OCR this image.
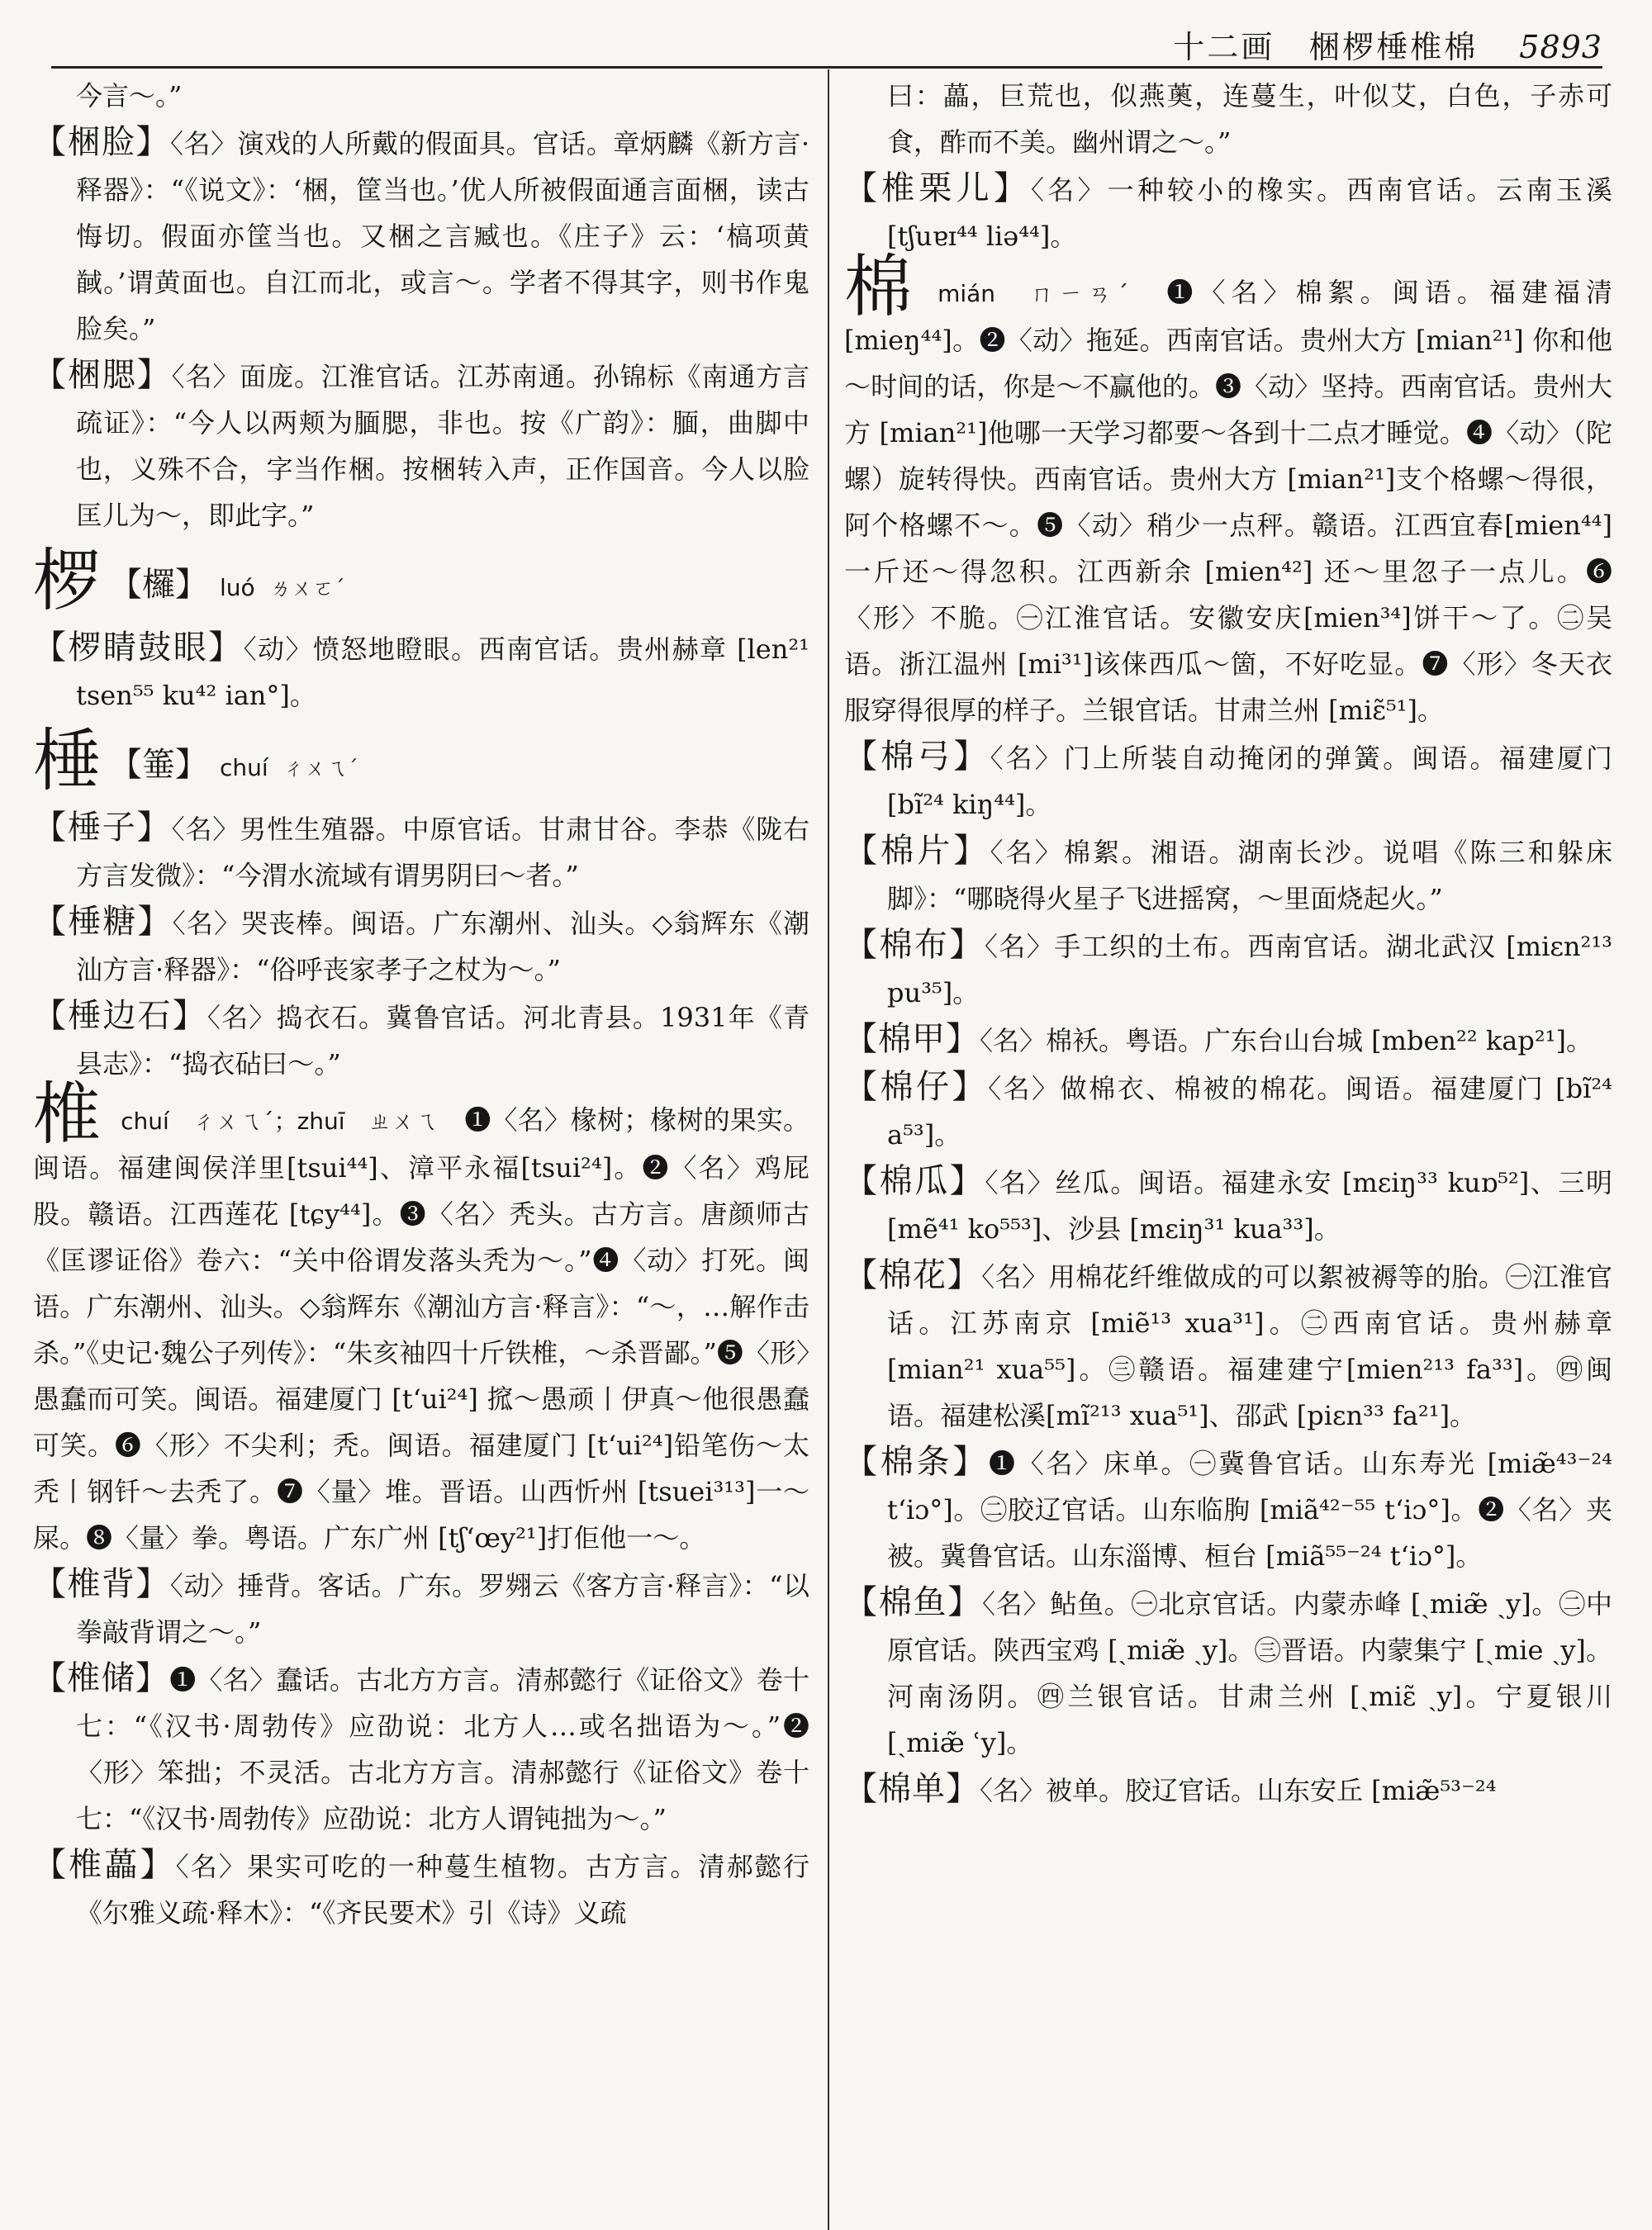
十二画　梱椤棰椎棉 5893

今言～。”

【梱脸】〈名〉演戏的人所戴的假面具。官话。章炳麟《新方言·释器》：“《说文》：‘梱，筐当也。’优人所被假面通言面梱，读古悔切。假面亦筐当也。又梱之言臧也。《庄子》云：‘槁项黄馘。’谓黄面也。自江而北，或言～。学者不得其字，则书作鬼脸矣。”

【梱腮】〈名〉面庞。江淮官话。江苏南通。孙锦标《南通方言疏证》：“今人以两颊为腼腮，非也。按《广韵》：腼，曲脚中也，义殊不合，字当作梱。按梱转入声，正作国音。今人以脸匡儿为～，即此字。”

椤 【欏】 luó ㄌㄨㄛˊ

【椤睛鼓眼】〈动〉愤怒地瞪眼。西南官话。贵州赫章 [len²¹ tsen⁵⁵ ku⁴² ian°]。

棰 【箠】 chuí ㄔㄨㄟˊ

【棰子】〈名〉男性生殖器。中原官话。甘肃甘谷。李恭《陇右方言发微》：“今渭水流域有谓男阴曰～者。”

【棰糖】〈名〉哭丧棒。闽语。广东潮州、汕头。◇翁辉东《潮汕方言·释器》：“俗呼丧家孝子之杖为～。”

【棰边石】〈名〉捣衣石。冀鲁官话。河北青县。1931年《青县志》：“捣衣砧曰～。”

椎chuí　ㄔㄨㄟˊ；zhuī　ㄓㄨㄟ　 ❶〈名〉椽树；椽树的果实。闽语。福建闽侯洋里[tsui⁴⁴]、漳平永福[tsui²⁴]。❷〈名〉鸡屁股。赣语。江西莲花 [tɕy⁴⁴]。❸〈名〉秃头。古方言。唐颜师古《匡谬证俗》卷六：“关中俗谓发落头秃为～。”❹〈动〉打死。闽语。广东潮州、汕头。◇翁辉东《潮汕方言·释言》：“～，…解作击杀。”《史记·魏公子列传》：“朱亥袖四十斤铁椎，～杀晋鄙。”❺〈形〉愚蠢而可笑。闽语。福建厦门 [t‘ui²⁴] 搲～愚顽丨伊真～他很愚蠢可笑。❻〈形〉不尖利；秃。闽语。福建厦门 [t‘ui²⁴]铅笔伤～太秃丨钢钎～去秃了。❼〈量〉堆。晋语。山西忻州 [tsuei³¹³]一～屎。❽〈量〉拳。粤语。广东广州 [tʃ‘œy²¹]打佢他一～。

【椎背】〈动〉捶背。客话。广东。罗翙云《客方言·释言》：“以拳敲背谓之～。”

【椎储】❶〈名〉蠢话。古北方方言。清郝懿行《证俗文》卷十七：“《汉书·周勃传》应劭说：北方人…或名拙语为～。”❷〈形〉笨拙；不灵活。古北方方言。清郝懿行《证俗文》卷十七：“《汉书·周勃传》应劭说：北方人谓钝拙为～。”

【椎藟】〈名〉果实可吃的一种蔓生植物。古方言。清郝懿行《尔雅义疏·释木》：“《齐民要术》引《诗》义疏

曰：藟，巨荒也，似燕薁，连蔓生，叶似艾，白色，子赤可食，酢而不美。幽州谓之～。”

【椎栗儿】〈名〉一种较小的橡实。西南官话。云南玉溪 [tʃuɐɪ⁴⁴ liə⁴⁴]。

棉mián　ㄇㄧㄢˊ　 ❶〈名〉棉絮。闽语。福建福清[mieŋ⁴⁴]。❷〈动〉拖延。西南官话。贵州大方 [mian²¹] 你和他～时间的话，你是～不赢他的。❸〈动〉坚持。西南官话。贵州大方 [mian²¹]他哪一天学习都要～各到十二点才睡觉。❹〈动〉（陀螺）旋转得快。西南官话。贵州大方 [mian²¹]支个格螺～得很，阿个格螺不～。❺〈动〉稍少一点秤。赣语。江西宜春[mien⁴⁴]一斤还～得忽积。江西新余 [mien⁴²] 还～里忽子一点儿。❻〈形〉不脆。㊀江淮官话。安徽安庆[mien³⁴]饼干～了。㊁吴语。浙江温州 [mi³¹]该俫西瓜～箇，不好吃显。❼〈形〉冬天衣服穿得很厚的样子。兰银官话。甘肃兰州 [miɛ̃⁵¹]。

【棉弓】〈名〉门上所装自动掩闭的弹簧。闽语。福建厦门 [bĩ²⁴ kiŋ⁴⁴]。

【棉片】〈名〉棉絮。湘语。湖南长沙。说唱《陈三和躲床脚》：“哪晓得火星子飞进摇窝，～里面烧起火。”

【棉布】〈名〉手工织的土布。西南官话。湖北武汉 [miɛn²¹³ pu³⁵]。

【棉甲】〈名〉棉袄。粤语。广东台山台城 [mben²² kap²¹]。

【棉仔】〈名〉做棉衣、棉被的棉花。闽语。福建厦门 [bĩ²⁴ a⁵³]。

【棉瓜】〈名〉丝瓜。闽语。福建永安 [mɛiŋ³³ kuɒ⁵²]、三明 [mẽ⁴¹ ko⁵⁵³]、沙县 [mɛiŋ³¹ kua³³]。

【棉花】〈名〉用棉花纤维做成的可以絮被褥等的胎。㊀江淮官话。江苏南京 [miẽ¹³ xua³¹]。㊁西南官话。贵州赫章 [mian²¹ xua⁵⁵]。㊂赣语。福建建宁[mien²¹³ fa³³]。㊃闽语。福建松溪[mĩ²¹³ xua⁵¹]、邵武 [piɛn³³ fa²¹]。

【棉条】❶〈名〉床单。㊀冀鲁官话。山东寿光 [miæ̃⁴³⁻²⁴ t‘iɔ°]。㊁胶辽官话。山东临朐 [miã⁴²⁻⁵⁵ t‘iɔ°]。❷〈名〉夹被。冀鲁官话。山东淄博、桓台 [miã⁵⁵⁻²⁴ t‘iɔ°]。

【棉鱼】〈名〉鲇鱼。㊀北京官话。内蒙赤峰 [ˏmiæ̃ ˏy]。㊁中原官话。陕西宝鸡 [ˏmiæ̃ ˏy]。㊂晋语。内蒙集宁 [ˏmie ˏy]。河南汤阴。㊃兰银官话。甘肃兰州 [ˏmiɛ̃ ˏy]。宁夏银川 [ˏmiæ̃ ʿy]。

【棉单】〈名〉被单。胶辽官话。山东安丘 [miæ̃⁵³⁻²⁴
